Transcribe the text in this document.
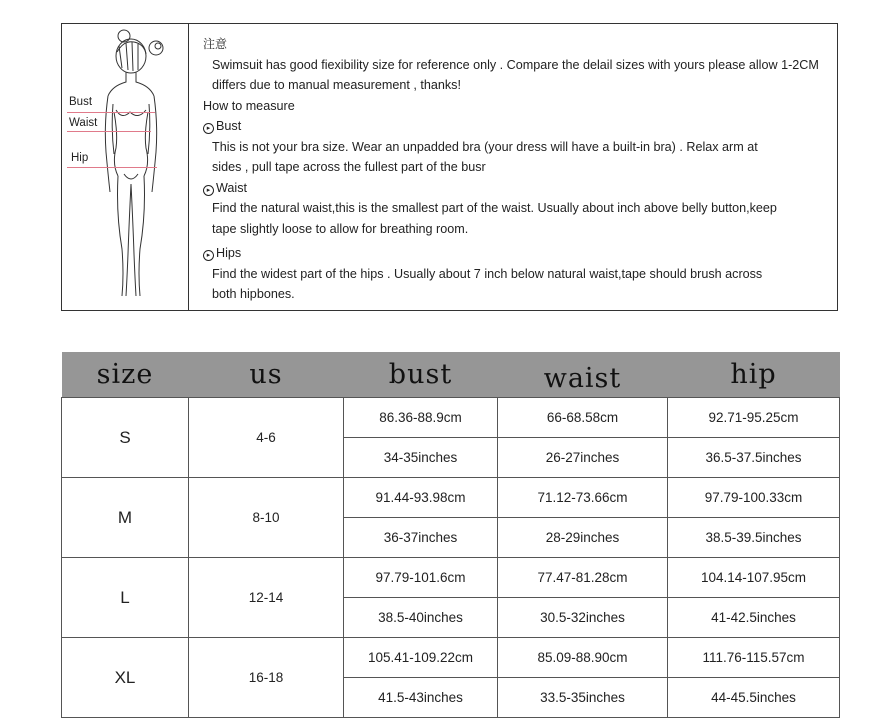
Bust
Waist
Hip
注意
Swimsuit has good fiexibility size for reference only . Compare the delail sizes with yours please allow 1-2CM
differs due to manual measurement , thanks!
How to measure
▸ Bust
This is not your bra size. Wear an unpadded bra (your dress will have a built-in bra) . Relax arm at
sides , pull tape across the fullest part of the busr
▸ Waist
Find the natural waist,this is the smallest part of the waist. Usually about inch above belly button,keep
tape slightly loose to allow for breathing room.
▸ Hips
Find the widest part of the hips . Usually about 7 inch below natural waist,tape should brush across
both hipbones.
size	us	bust	waist	hip
S	4-6	86.36-88.9cm	66-68.58cm	92.71-95.25cm
		34-35inches	26-27inches	36.5-37.5inches
M	8-10	91.44-93.98cm	71.12-73.66cm	97.79-100.33cm
		36-37inches	28-29inches	38.5-39.5inches
L	12-14	97.79-101.6cm	77.47-81.28cm	104.14-107.95cm
		38.5-40inches	30.5-32inches	41-42.5inches
XL	16-18	105.41-109.22cm	85.09-88.90cm	111.76-115.57cm
		41.5-43inches	33.5-35inches	44-45.5inches
